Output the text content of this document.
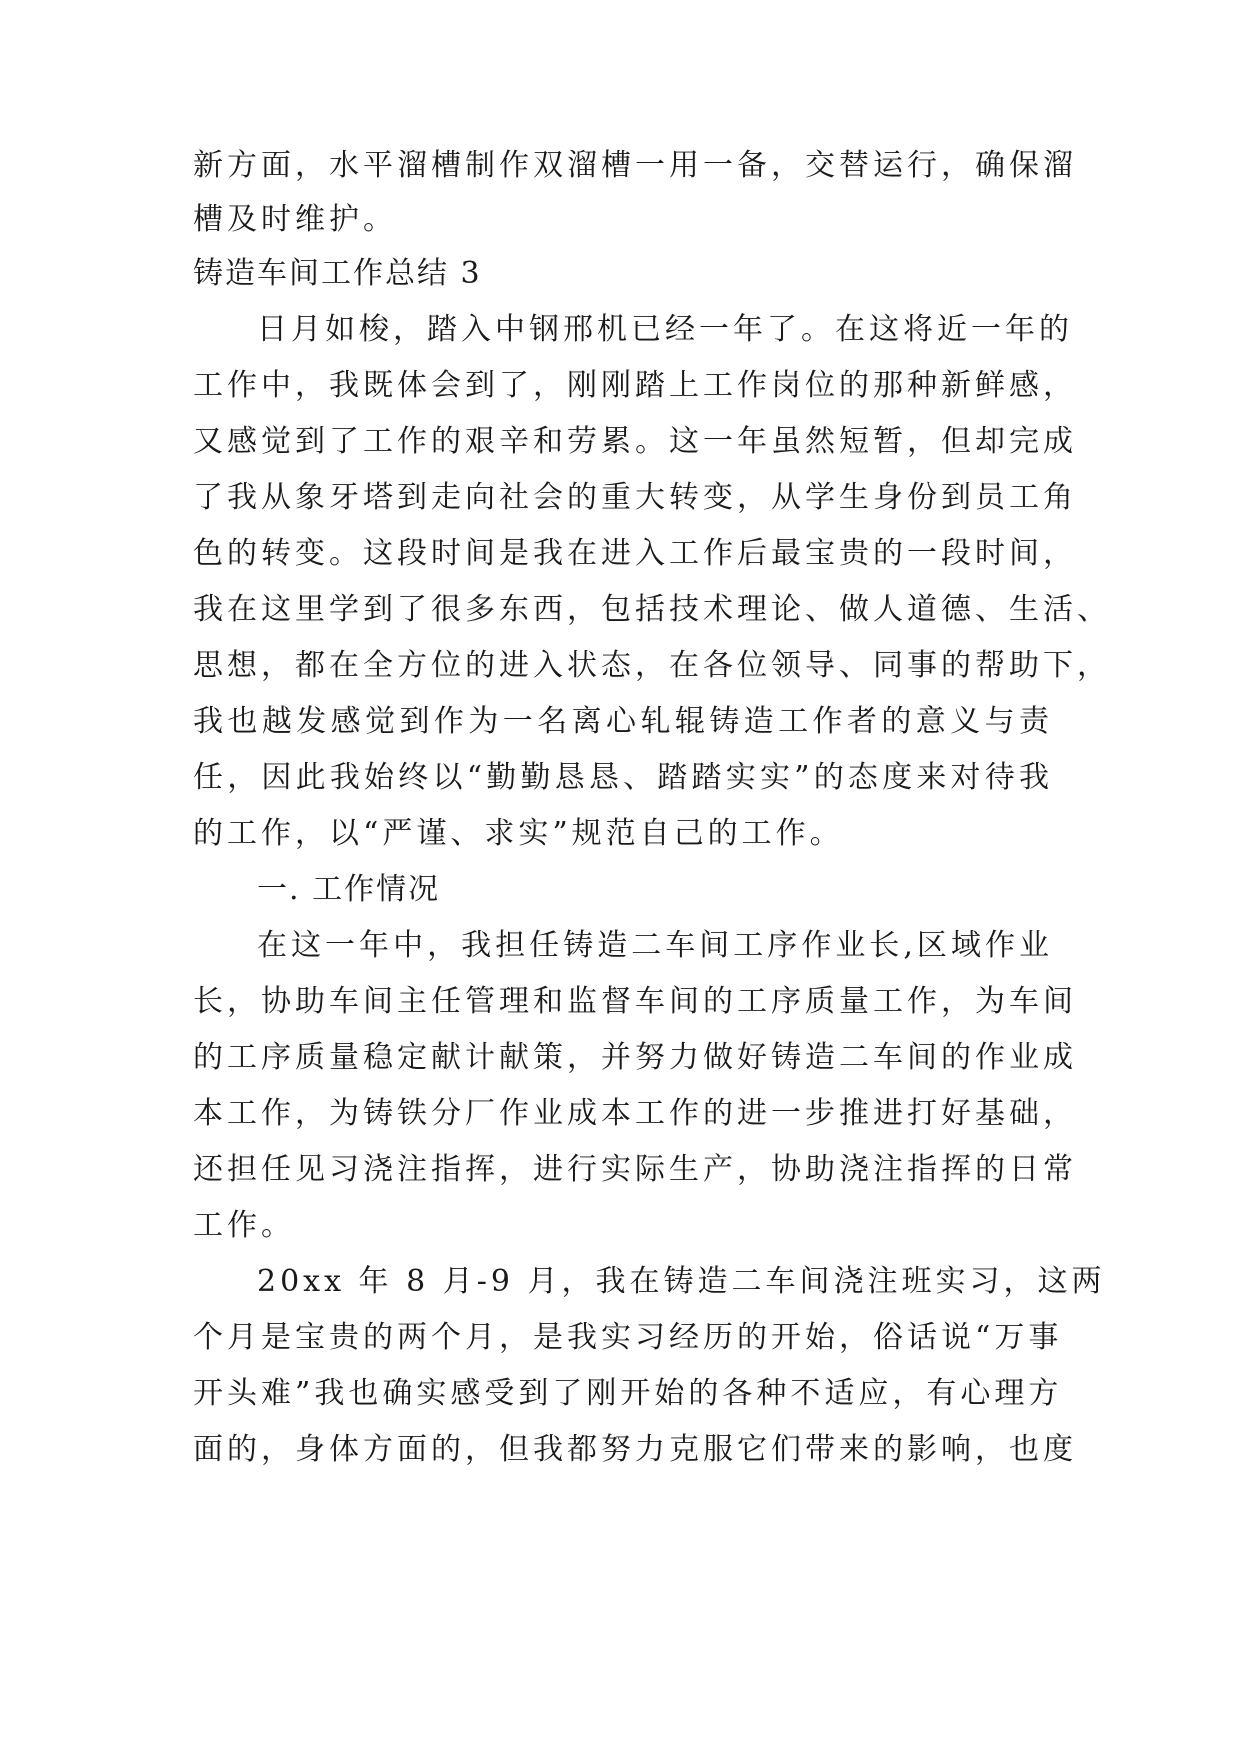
新方面，水平溜槽制作双溜槽一用一备，交替运行，确保溜
槽及时维护。
铸造车间工作总结 3
日月如梭，踏入中钢邢机已经一年了。在这将近一年的
工作中，我既体会到了，刚刚踏上工作岗位的那种新鲜感，
又感觉到了工作的艰辛和劳累。这一年虽然短暂，但却完成
了我从象牙塔到走向社会的重大转变，从学生身份到员工角
色的转变。这段时间是我在进入工作后最宝贵的一段时间，
我在这里学到了很多东西，包括技术理论、做人道德、生活、
思想，都在全方位的进入状态，在各位领导、同事的帮助下，
我也越发感觉到作为一名离心轧辊铸造工作者的意义与责
任，因此我始终以“勤勤恳恳、踏踏实实”的态度来对待我
的工作，以“严谨、求实”规范自己的工作。
一. 工作情况
在这一年中，我担任铸造二车间工序作业长,区域作业
长，协助车间主任管理和监督车间的工序质量工作，为车间
的工序质量稳定献计献策，并努力做好铸造二车间的作业成
本工作，为铸铁分厂作业成本工作的进一步推进打好基础，
还担任见习浇注指挥，进行实际生产，协助浇注指挥的日常
工作。
20xx 年 8 月-9 月，我在铸造二车间浇注班实习，这两
个月是宝贵的两个月，是我实习经历的开始，俗话说“万事
开头难”我也确实感受到了刚开始的各种不适应，有心理方
面的，身体方面的，但我都努力克服它们带来的影响，也度
